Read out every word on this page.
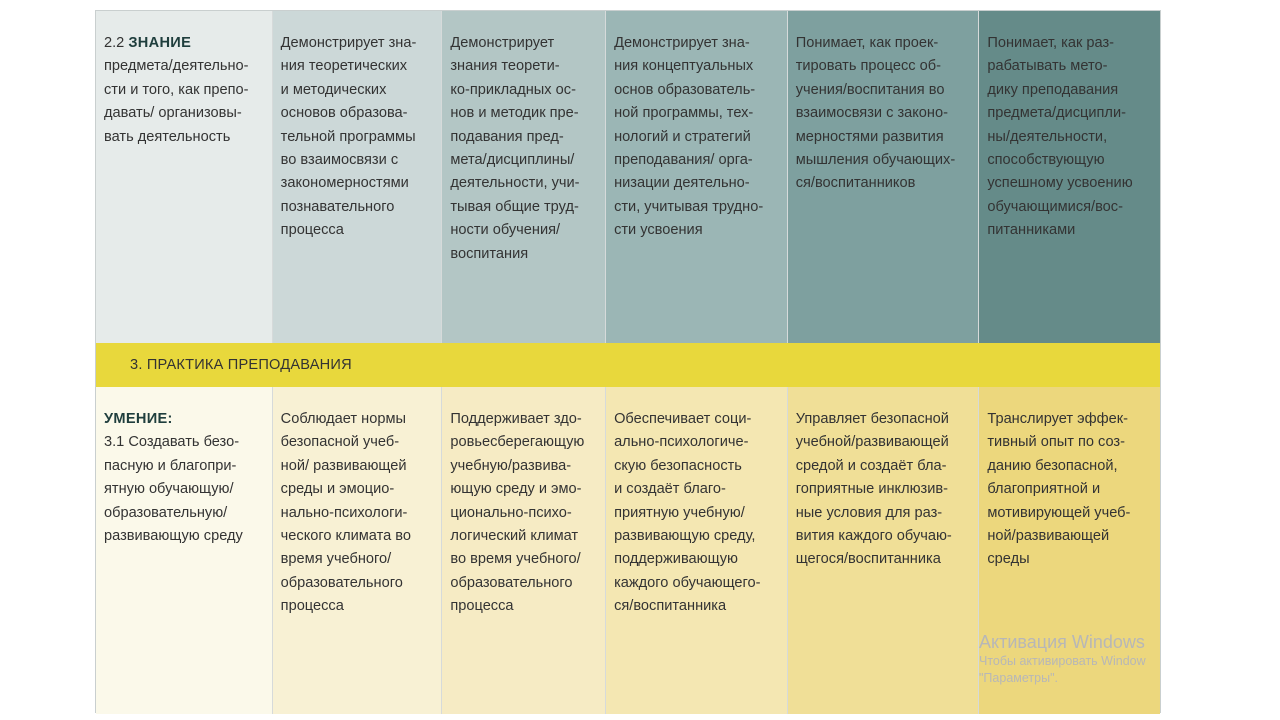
2.2 ЗНАНИЕ
предмета/деятельно-
сти и того, как препо-
давать/ организовы-
вать деятельность
Демонстрирует зна-
ния теоретических
и методических
основов образова-
тельной программы
во взаимосвязи с
закономерностями
познавательного
процесса
Демонстрирует
знания теорети-
ко-прикладных ос-
нов и методик пре-
подавания пред-
мета/дисциплины/
деятельности, учи-
тывая общие труд-
ности обучения/
воспитания
Демонстрирует зна-
ния концептуальных
основ образователь-
ной программы, тех-
нологий и стратегий
преподавания/ орга-
низации деятельно-
сти, учитывая трудно-
сти усвоения
Понимает, как проек-
тировать процесс об-
учения/воспитания во
взаимосвязи с законо-
мерностями развития
мышления обучающих-
ся/воспитанников
Понимает, как раз-
рабатывать мето-
дику преподавания
предмета/дисципли-
ны/деятельности,
способствующую
успешному усвоению
обучающимися/вос-
питанниками
3. ПРАКТИКА ПРЕПОДАВАНИЯ
УМЕНИЕ:
3.1 Создавать безо-
пасную и благопри-
ятную обучающую/
образовательную/
развивающую среду
Соблюдает нормы
безопасной учеб-
ной/ развивающей
среды и эмоцио-
нально-психологи-
ческого климата во
время учебного/
образовательного
процесса
Поддерживает здо-
ровьесберегающую
учебную/развива-
ющую среду и эмо-
ционально-психо-
логический климат
во время учебного/
образовательного
процесса
Обеспечивает соци-
ально-психологиче-
скую безопасность
и создаёт благо-
приятную учебную/
развивающую среду,
поддерживающую
каждого обучающего-
ся/воспитанника
Управляет безопасной
учебной/развивающей
средой и создаёт бла-
гоприятные инклюзив-
ные условия для раз-
вития каждого обучаю-
щегося/воспитанника
Транслирует эффек-
тивный опыт по соз-
данию безопасной,
благоприятной и
мотивирующей учеб-
ной/развивающей
среды
Активация Windows
Чтобы активировать Window
"Параметры".
